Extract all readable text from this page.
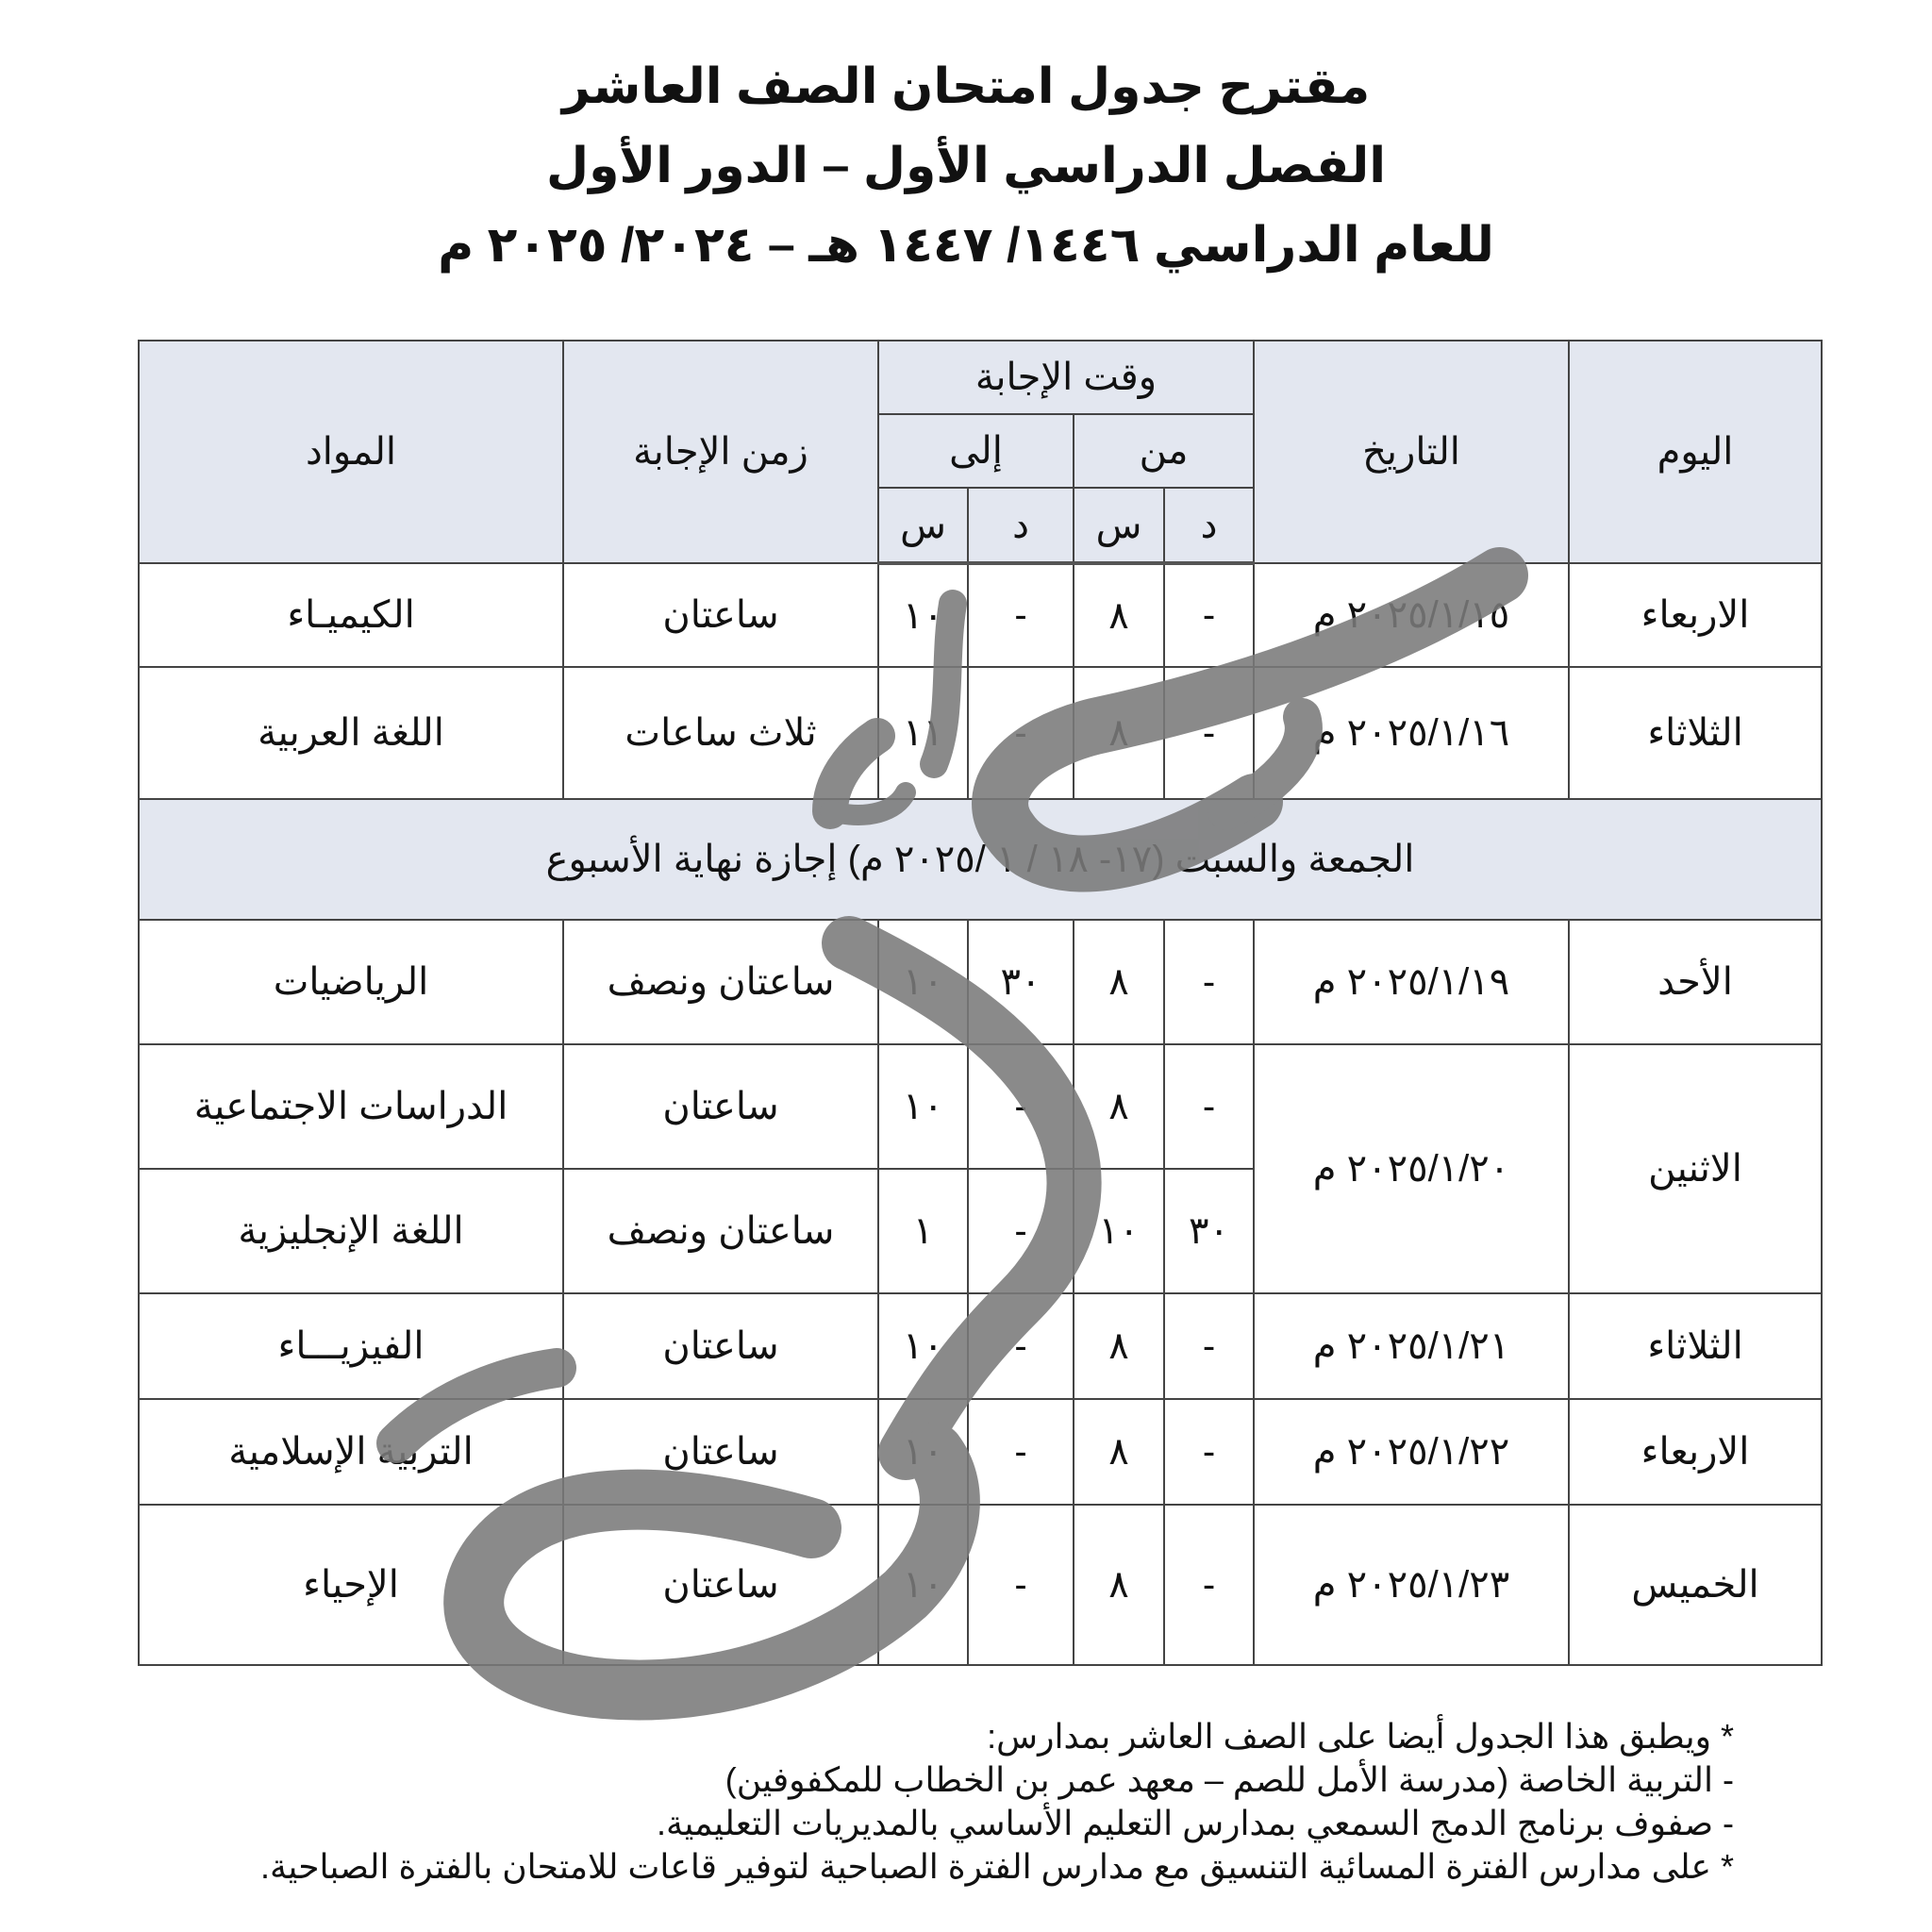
مقترح جدول امتحان الصف العاشر
الفصل الدراسي الأول – الدور الأول
للعام الدراسي ١٤٤٦/ ١٤٤٧ هـ – ٢٠٢٤/ ٢٠٢٥ م
اليوم	التاريخ	وقت الإجابة				زمن الإجابة	المواد
		من		إلى			
		د	س	د	س		
الاربعاء	٢٠٢٥/١/١٥ م	-	٨	-	١٠	ساعتان	الكيميـاء
الثلاثاء	٢٠٢٥/١/١٦ م	-	٨	-	١١	ثلاث ساعات	اللغة العربية
الجمعة والسبت (١٧- ١٨ / ١ /٢٠٢٥ م) إجازة نهاية الأسبوع							
الأحد	٢٠٢٥/١/١٩ م	-	٨	٣٠	١٠	ساعتان ونصف	الرياضيات
الاثنين	٢٠٢٥/١/٢٠ م	-	٨	-	١٠	ساعتان	الدراسات الاجتماعية
		٣٠	١٠	-	١	ساعتان ونصف	اللغة الإنجليزية
الثلاثاء	٢٠٢٥/١/٢١ م	-	٨	-	١٠	ساعتان	الفيزيـــاء
الاربعاء	٢٠٢٥/١/٢٢ م	-	٨	-	١٠	ساعتان	التربية الإسلامية
الخميس	٢٠٢٥/١/٢٣ م	-	٨	-	١٠	ساعتان	الإحياء
* ويطبق هذا الجدول أيضا على الصف العاشر بمدارس:
- التربية الخاصة (مدرسة الأمل للصم – معهد عمر بن الخطاب للمكفوفين)
- صفوف برنامج الدمج السمعي بمدارس التعليم الأساسي بالمديريات التعليمية.
* على مدارس الفترة المسائية التنسيق مع مدارس الفترة الصباحية لتوفير قاعات للامتحان بالفترة الصباحية.
